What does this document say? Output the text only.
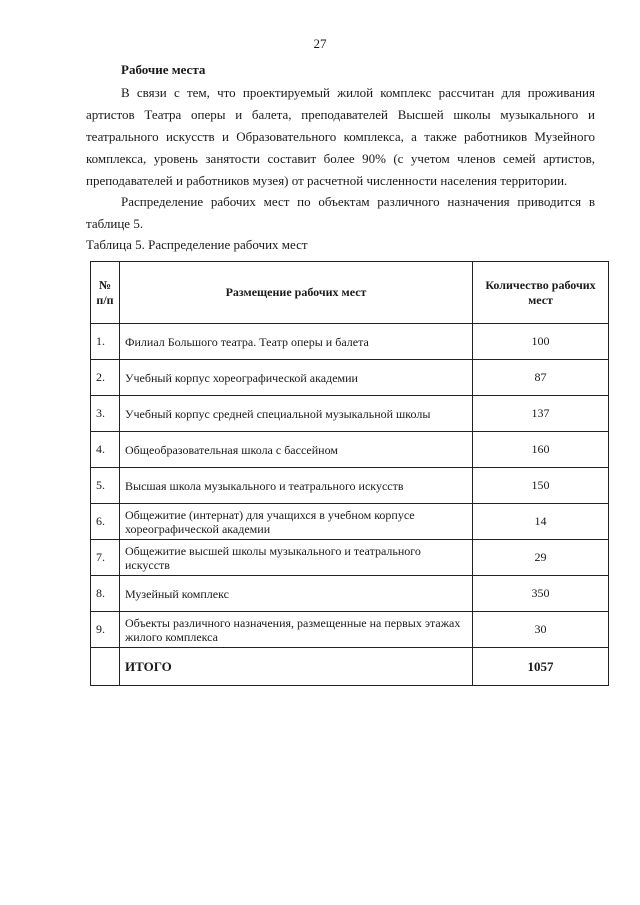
27
Рабочие места

В связи с тем, что проектируемый жилой комплекс рассчитан для проживания артистов Театра оперы и балета, преподавателей Высшей школы музыкального и театрального искусств и Образовательного комплекса, а также работников Музейного комплекса, уровень занятости составит более 90% (с учетом членов семей артистов, преподавателей и работников музея) от расчетной численности населения территории.

Распределение рабочих мест по объектам различного назначения приводится в таблице 5.

Таблица 5. Распределение рабочих мест
№ п/п	Размещение рабочих мест	Количество рабочих мест
1.	Филиал Большого театра. Театр оперы и балета	100
2.	Учебный корпус хореографической академии	87
3.	Учебный корпус средней специальной музыкальной школы	137
4.	Общеобразовательная школа с бассейном	160
5.	Высшая школа музыкального и театрального искусств	150
6.	Общежитие (интернат) для учащихся в учебном корпусе хореографической академии	14
7.	Общежитие высшей школы музыкального и театрального искусств	29
8.	Музейный комплекс	350
9.	Объекты различного назначения, размещенные на первых этажах жилого комплекса	30
	ИТОГО	1057
